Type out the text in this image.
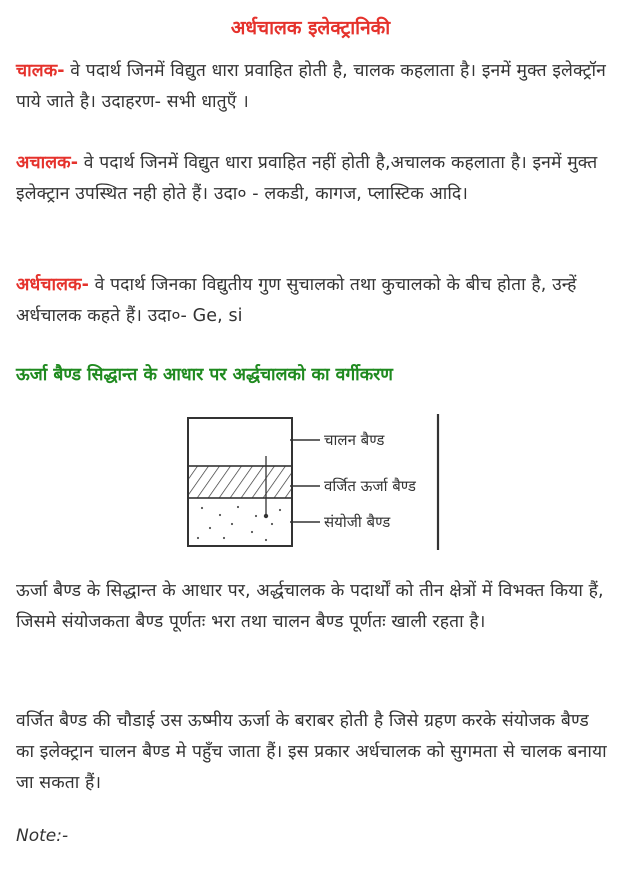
अर्धचालक इलेक्ट्रानिकी

चालक- वे पदार्थ जिनमें विद्युत धारा प्रवाहित होती है, चालक कहलाता है। इनमें मुक्त इलेक्ट्रॉन पाये जाते है। उदाहरण- सभी धातुएँ ।

अचालक- वे पदार्थ जिनमें विद्युत धारा प्रवाहित नहीं होती है,अचालक कहलाता है। इनमें मुक्त इलेक्ट्रान उपस्थित नही होते हैं। उदा० - लकडी, कागज, प्लास्टिक आदि।

अर्धचालक- वे पदार्थ जिनका विद्युतीय गुण सुचालको तथा कुचालको के बीच होता है, उन्हें अर्धचालक कहते हैं। उदा०- Ge, si

ऊर्जा बैण्ड सिद्धान्त के आधार पर अर्द्धचालको का वर्गीकरण
चालन बैण्ड
वर्जित ऊर्जा बैण्ड
संयोजी बैण्ड

ऊर्जा बैण्ड के सिद्धान्त के आधार पर, अर्द्धचालक के पदार्थों को तीन क्षेत्रों में विभक्त किया हैं, जिसमे संयोजकता बैण्ड पूर्णतः भरा तथा चालन बैण्ड पूर्णतः खाली रहता है।

वर्जित बैण्ड की चौडाई उस ऊष्मीय ऊर्जा के बराबर होती है जिसे ग्रहण करके संयोजक बैण्ड का इलेक्ट्रान चालन बैण्ड मे पहुँच जाता हैं। इस प्रकार अर्धचालक को सुगमता से चालक बनाया जा सकता हैं।

Note:-
